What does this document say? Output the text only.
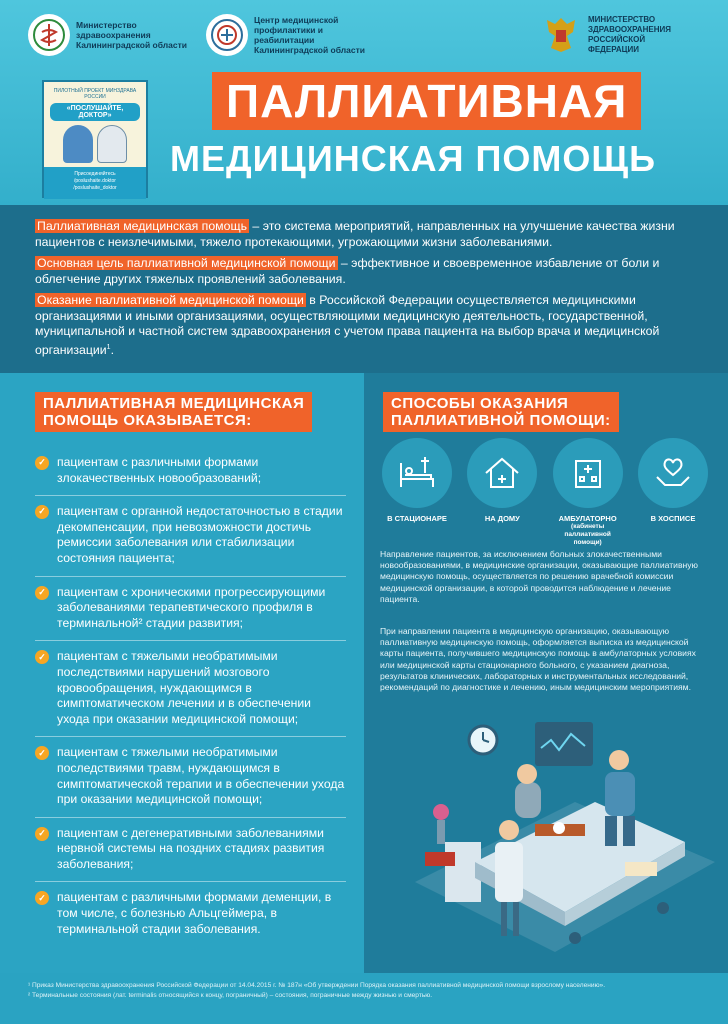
Министерство здравоохранения Калининградской области
Центр медицинской профилактики и реабилитации Калининградской области
МИНИСТЕРСТВО ЗДРАВООХРАНЕНИЯ РОССИЙСКОЙ ФЕДЕРАЦИИ
ПИЛОТНЫЙ ПРОЕКТ МИНЗДРАВА РОССИИ
«ПОСЛУШАЙТЕ, ДОКТОР»
Присоединяйтесь
/poslushaite.doktor
/poslushaite_doktor
ПАЛЛИАТИВНАЯ
МЕДИЦИНСКАЯ ПОМОЩЬ

Паллиативная медицинская помощь – это система мероприятий, направленных на улучшение качества жизни пациентов с неизлечимыми, тяжело протекающими, угрожающими жизни заболеваниями.

Основная цель паллиативной медицинской помощи – эффективное и своевременное избавление от боли и облегчение других тяжелых проявлений заболевания.

Оказание паллиативной медицинской помощи в Российской Федерации осуществляется медицинскими организациями и иными организациями, осуществляющими медицинскую деятельность, государственной, муниципальной и частной систем здравоохранения с учетом права пациента на выбор врача и медицинской организации$^1$.

ПАЛЛИАТИВНАЯ МЕДИЦИНСКАЯ
ПОМОЩЬ ОКАЗЫВАЕТСЯ:
✓ пациентам с различными формами злокачественных новообразований;
✓ пациентам с органной недостаточностью в стадии декомпенсации, при невозможности достичь ремиссии заболевания или стабилизации состояния пациента;
✓ пациентам с хроническими прогрессирующими заболеваниями терапевтического профиля в терминальной² стадии развития;
✓ пациентам с тяжелыми необратимыми последствиями нарушений мозгового кровообращения, нуждающимся в симптоматическом лечении и в обеспечении ухода при оказании медицинской помощи;
✓ пациентам с тяжелыми необратимыми последствиями травм, нуждающимся в симптоматической терапии и в обеспечении ухода при оказании медицинской помощи;
✓ пациентам с дегенеративными заболеваниями нервной системы на поздних стадиях развития заболевания;
✓ пациентам с различными формами деменции, в том числе, с болезнью Альцгеймера, в терминальной стадии заболевания.
СПОСОБЫ ОКАЗАНИЯ
ПАЛЛИАТИВНОЙ ПОМОЩИ:
В СТАЦИОНАРЕ	НА ДОМУ	АМБУЛАТОРНО
(кабинеты паллиативной помощи)
В ХОСПИСЕ
Направление пациентов, за исключением больных злокачественными новообразованиями, в медицинские организации, оказывающие паллиативную медицинскую помощь, осуществляется по решению врачебной комиссии медицинской организации, в которой проводится наблюдение и лечение пациента.
При направлении пациента в медицинскую организацию, оказывающую паллиативную медицинскую помощь, оформляется выписка из медицинской карты пациента, получившего медицинскую помощь в амбулаторных условиях или медицинской карты стационарного больного, с указанием диагноза, результатов клинических, лабораторных и инструментальных исследований, рекомендаций по диагностике и лечению, иным медицинским мероприятиям.
¹ Приказ Министерства здравоохранения Российской Федерации от 14.04.2015 г. № 187н «Об утверждении Порядка оказания паллиативной медицинской помощи взрослому населению».
² Терминальные состояния (лат. terminalis относящийся к концу, пограничный) – состояния, пограничные между жизнью и смертью.
